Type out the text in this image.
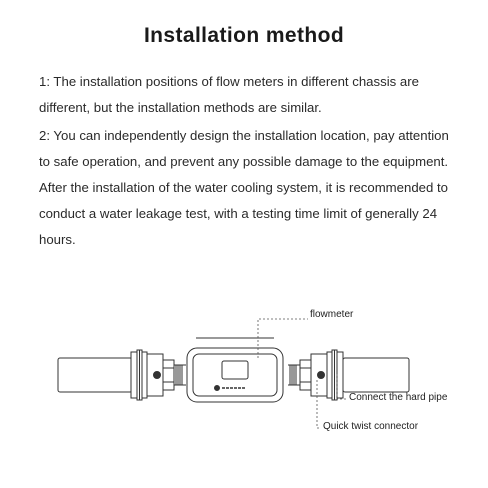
Installation method

1: The installation positions of flow meters in different chassis are different, but the installation methods are similar.

2: You can independently design the installation location, pay attention to safe operation, and prevent any possible damage to the equipment. After the installation of the water cooling system, it is recommended to conduct a water leakage test, with a testing time limit of generally 24 hours.

flowmeter
Connect the hard pipe
Quick twist connector
